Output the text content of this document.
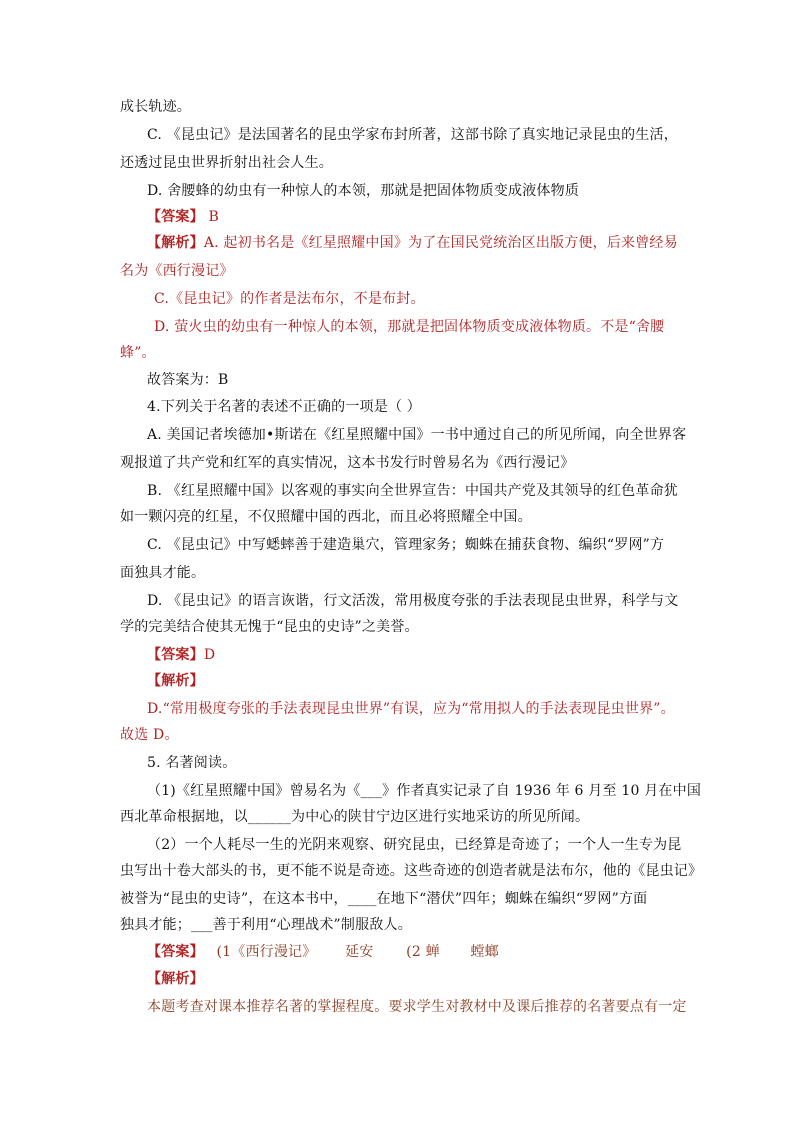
成长轨迹。
C. 《昆虫记》是法国著名的昆虫学家布封所著，这部书除了真实地记录昆虫的生活，
还透过昆虫世界折射出社会人生。
D. 舍腰蜂的幼虫有一种惊人的本领，那就是把固体物质变成液体物质
【答案】 B
【解析】A. 起初书名是《红星照耀中国》为了在国民党统治区出版方便，后来曾经易
名为《西行漫记》
C.《昆虫记》的作者是法布尔，不是布封。
D. 萤火虫的幼虫有一种惊人的本领，那就是把固体物质变成液体物质。不是“舍腰
蜂”。
故答案为：B
4.下列关于名著的表述不正确的一项是（ ）
A. 美国记者埃德加•斯诺在《红星照耀中国》一书中通过自己的所见所闻，向全世界客
观报道了共产党和红军的真实情况，这本书发行时曾易名为《西行漫记》
B. 《红星照耀中国》以客观的事实向全世界宣告：中国共产党及其领导的红色革命犹
如一颗闪亮的红星，不仅照耀中国的西北，而且必将照耀全中国。
C. 《昆虫记》中写蟋蟀善于建造巢穴，管理家务；蜘蛛在捕获食物、编织“罗网”方
面独具才能。
D. 《昆虫记》的语言诙谐，行文活泼，常用极度夸张的手法表现昆虫世界，科学与文
学的完美结合使其无愧于“昆虫的史诗”之美誉。
【答案】D
【解析】
D.“常用极度夸张的手法表现昆虫世界”有误，应为“常用拟人的手法表现昆虫世界”。
故选 D。
5. 名著阅读。
（1)《红星照耀中国》曾易名为《___》作者真实记录了自 1936 年 6 月至 10 月在中国
西北革命根据地，以______为中心的陕甘宁边区进行实地采访的所见所闻。
（2）一个人耗尽一生的光阴来观察、研究昆虫，已经算是奇迹了；一个人一生专为昆
虫写出十卷大部头的书，更不能不说是奇迹。这些奇迹的创造者就是法布尔，他的《昆虫记》
被誉为“昆虫的史诗”，在这本书中，____在地下“潜伏”四年；蜘蛛在编织“罗网”方面
独具才能；___善于利用“心理战术”制服敌人。
【答案】 (1《西行漫记》 延安 (2 蝉 螳螂
【解析】
本题考查对课本推荐名著的掌握程度。要求学生对教材中及课后推荐的名著要点有一定
